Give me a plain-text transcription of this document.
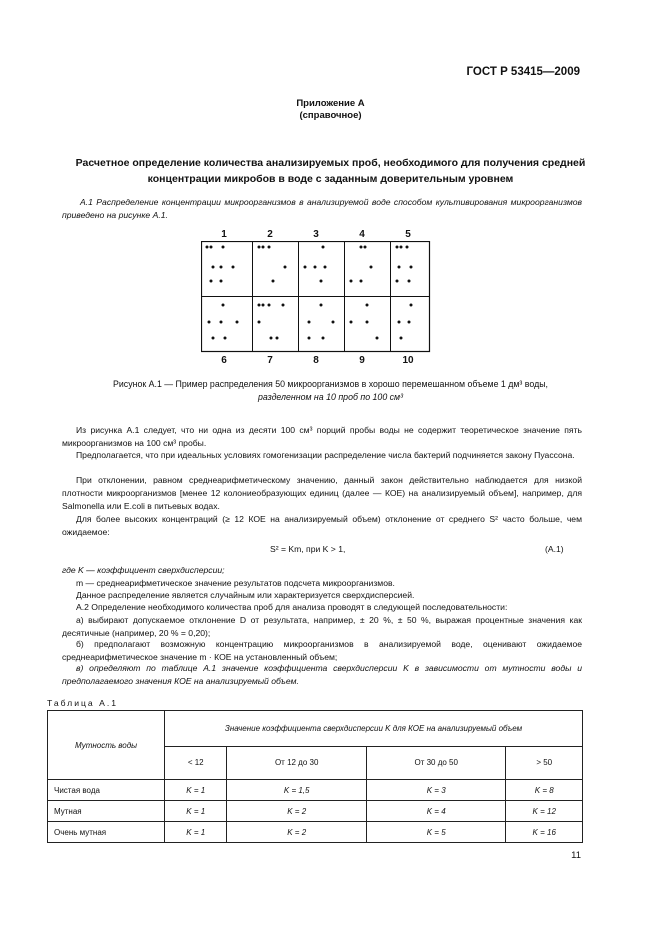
ГОСТ Р 53415—2009
Приложение А
(справочное)
Расчетное определение количества анализируемых проб, необходимого для получения средней концентрации микробов в воде с заданным доверительным уровнем
А.1 Распределение концентрации микроорганизмов в анализируемой воде способом культивирования микроорганизмов приведено на рисунке А.1.
1	2	3	4	5
6	7	8	9	10
Рисунок А.1 — Пример распределения 50 микроорганизмов в хорошо перемешанном объеме 1 дм³ воды,
разделенном на 10 проб по 100 см³
Из рисунка А.1 следует, что ни одна из десяти 100 см³ порций пробы воды не содержит теоретическое значение пять микроорганизмов на 100 см³ пробы.
Предполагается, что при идеальных условиях гомогенизации распределение числа бактерий подчиняется закону Пуассона.
При отклонении, равном среднеарифметическому значению, данный закон действительно наблюдается для низкой плотности микроорганизмов [менее 12 колониеобразующих единиц (далее — КОЕ) на анализируемый объем], например, для Salmonella или E.coli в питьевых водах.
Для более высоких концентраций (≥ 12 КОЕ на анализируемый объем) отклонение от среднего S² часто больше, чем ожидаемое:
S² = Km, при K > 1,	(А.1)
где K — коэффициент сверхдисперсии;
m — среднеарифметическое значение результатов подсчета микроорганизмов.
Данное распределение является случайным или характеризуется сверхдисперсией.
А.2 Определение необходимого количества проб для анализа проводят в следующей последовательности:
а) выбирают допускаемое отклонение D от результата, например, ± 20 %, ± 50 %, выражая процентные значения как десятичные (например, 20 % = 0,20);
б) предполагают возможную концентрацию микроорганизмов в анализируемой воде, оценивают ожидаемое среднеарифметическое значение m · КОЕ на установленный объем;
в) определяют по таблице А.1 значение коэффициента сверхдисперсии K в зависимости от мутности воды и предполагаемого значения КОЕ на анализируемый объем.
Таблица А.1
Мутность воды	Значение коэффициента сверхдисперсии K для КОЕ на анализируемый объем			
	< 12	От 12 до 30	От 30 до 50	> 50
Чистая вода	K = 1	K = 1,5	K = 3	K = 8
Мутная	K = 1	K = 2	K = 4	K = 12
Очень мутная	K = 1	K = 2	K = 5	K = 16
11
